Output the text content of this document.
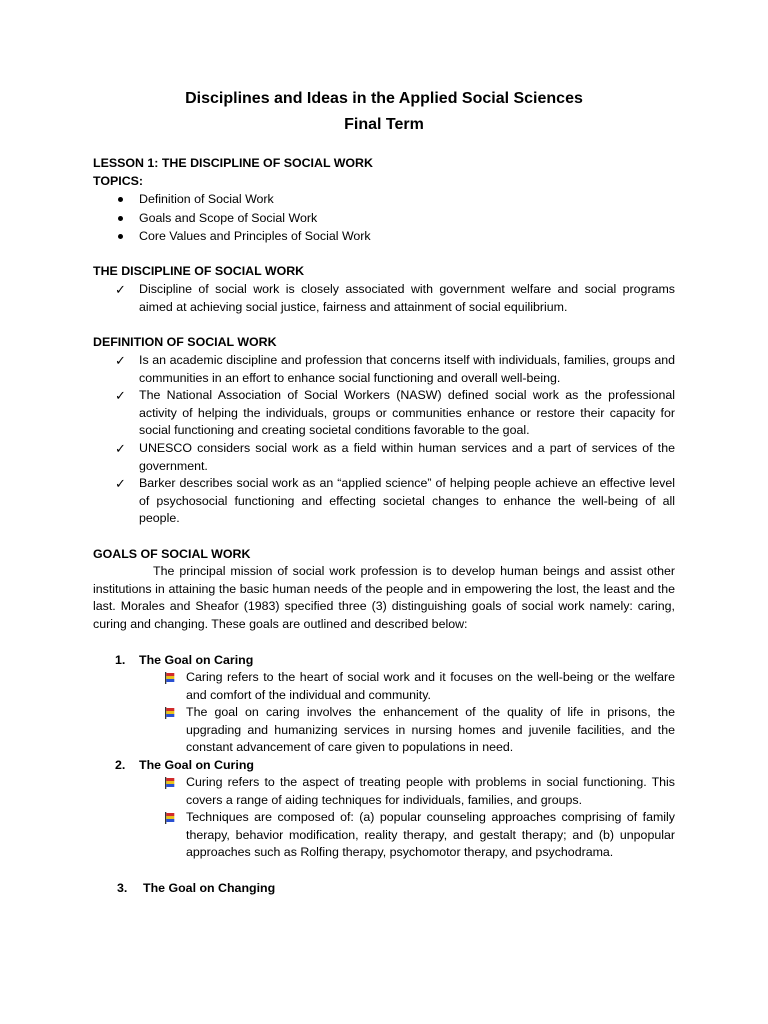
Disciplines and Ideas in the Applied Social Sciences
Final Term
LESSON 1: THE DISCIPLINE OF SOCIAL WORK
TOPICS:
Definition of Social Work
Goals and Scope of Social Work
Core Values and Principles of Social Work
THE DISCIPLINE OF SOCIAL WORK
✓ Discipline of social work is closely associated with government welfare and social programs aimed at achieving social justice, fairness and attainment of social equilibrium.
DEFINITION OF SOCIAL WORK
✓ Is an academic discipline and profession that concerns itself with individuals, families, groups and communities in an effort to enhance social functioning and overall well-being.
✓ The National Association of Social Workers (NASW) defined social work as the professional activity of helping the individuals, groups or communities enhance or restore their capacity for social functioning and creating societal conditions favorable to the goal.
✓ UNESCO considers social work as a field within human services and a part of services of the government.
✓ Barker describes social work as an “applied science” of helping people achieve an effective level of psychosocial functioning and effecting societal changes to enhance the well-being of all people.
GOALS OF SOCIAL WORK
The principal mission of social work profession is to develop human beings and assist other institutions in attaining the basic human needs of the people and in empowering the lost, the least and the last. Morales and Sheafor (1983) specified three (3) distinguishing goals of social work namely: caring, curing and changing. These goals are outlined and described below:
1. The Goal on Caring
Caring refers to the heart of social work and it focuses on the well-being or the welfare and comfort of the individual and community.
The goal on caring involves the enhancement of the quality of life in prisons, the upgrading and humanizing services in nursing homes and juvenile facilities, and the constant advancement of care given to populations in need.
2. The Goal on Curing
Curing refers to the aspect of treating people with problems in social functioning. This covers a range of aiding techniques for individuals, families, and groups.
Techniques are composed of: (a) popular counseling approaches comprising of family therapy, behavior modification, reality therapy, and gestalt therapy; and (b) unpopular approaches such as Rolfing therapy, psychomotor therapy, and psychodrama.
3. The Goal on Changing
